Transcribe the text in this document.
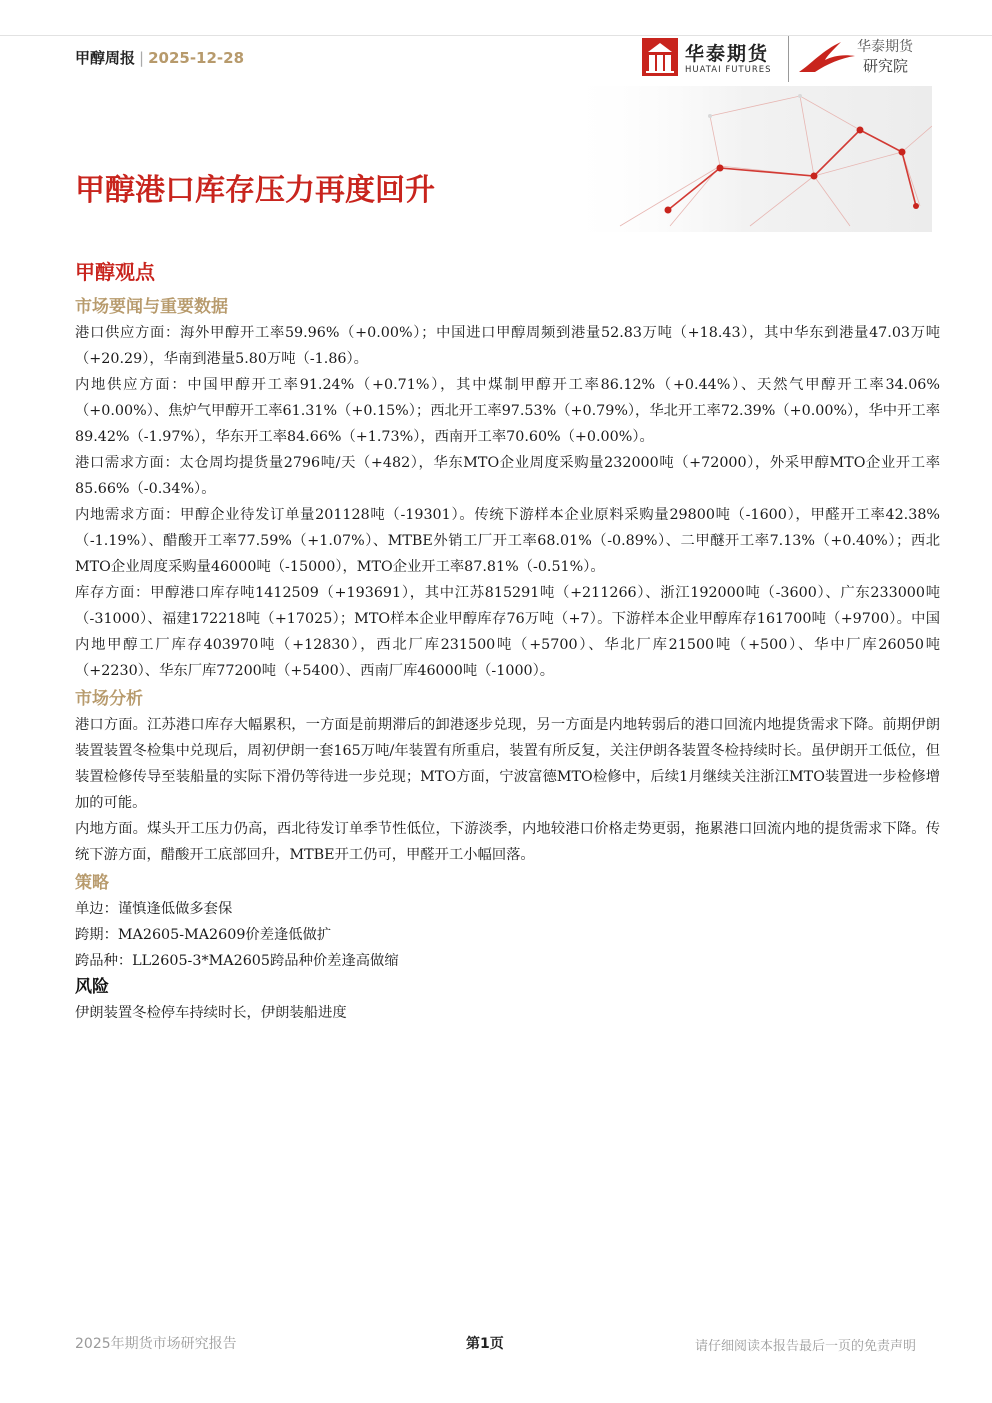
甲醇周报 | 2025-12-28	华泰期货
HUATAI FUTURES
华泰期货
研究院
甲醇港口库存压力再度回升
甲醇观点
市场要闻与重要数据

港口供应方面：海外甲醇开工率59.96%（+0.00%）；中国进口甲醇周频到港量52.83万吨（+18.43），其中华东到港量47.03万吨（+20.29），华南到港量5.80万吨（-1.86）。

内地供应方面：中国甲醇开工率91.24%（+0.71%），其中煤制甲醇开工率86.12%（+0.44%）、天然气甲醇开工率34.06%（+0.00%）、焦炉气甲醇开工率61.31%（+0.15%）；西北开工率97.53%（+0.79%），华北开工率72.39%（+0.00%），华中开工率89.42%（-1.97%），华东开工率84.66%（+1.73%），西南开工率70.60%（+0.00%）。

港口需求方面：太仓周均提货量2796吨/天（+482），华东MTO企业周度采购量232000吨（+72000），外采甲醇MTO企业开工率85.66%（-0.34%）。

内地需求方面：甲醇企业待发订单量201128吨（-19301）。传统下游样本企业原料采购量29800吨（-1600），甲醛开工率42.38%（-1.19%）、醋酸开工率77.59%（+1.07%）、MTBE外销工厂开工率68.01%（-0.89%）、二甲醚开工率7.13%（+0.40%）；西北MTO企业周度采购量46000吨（-15000），MTO企业开工率87.81%（-0.51%）。

库存方面：甲醇港口库存吨1412509（+193691），其中江苏815291吨（+211266）、浙江192000吨（-3600）、广东233000吨（-31000）、福建172218吨（+17025）；MTO样本企业甲醇库存76万吨（+7）。下游样本企业甲醇库存161700吨（+9700）。中国内地甲醇工厂库存403970吨（+12830），西北厂库231500吨（+5700）、华北厂库21500吨（+500）、华中厂库26050吨（+2230）、华东厂库77200吨（+5400）、西南厂库46000吨（-1000）。

市场分析

港口方面。江苏港口库存大幅累积，一方面是前期滞后的卸港逐步兑现，另一方面是内地转弱后的港口回流内地提货需求下降。前期伊朗装置装置冬检集中兑现后，周初伊朗一套165万吨/年装置有所重启，装置有所反复，关注伊朗各装置冬检持续时长。虽伊朗开工低位，但装置检修传导至装船量的实际下滑仍等待进一步兑现；MTO方面，宁波富德MTO检修中，后续1月继续关注浙江MTO装置进一步检修增加的可能。

内地方面。煤头开工压力仍高，西北待发订单季节性低位，下游淡季，内地较港口价格走势更弱，拖累港口回流内地的提货需求下降。传统下游方面，醋酸开工底部回升，MTBE开工仍可，甲醛开工小幅回落。

策略

单边：谨慎逢低做多套保

跨期：MA2605-MA2609价差逢低做扩

跨品种：LL2605-3*MA2605跨品种价差逢高做缩

风险

伊朗装置冬检停车持续时长，伊朗装船进度

2025年期货市场研究报告	第1页	请仔细阅读本报告最后一页的免责声明
